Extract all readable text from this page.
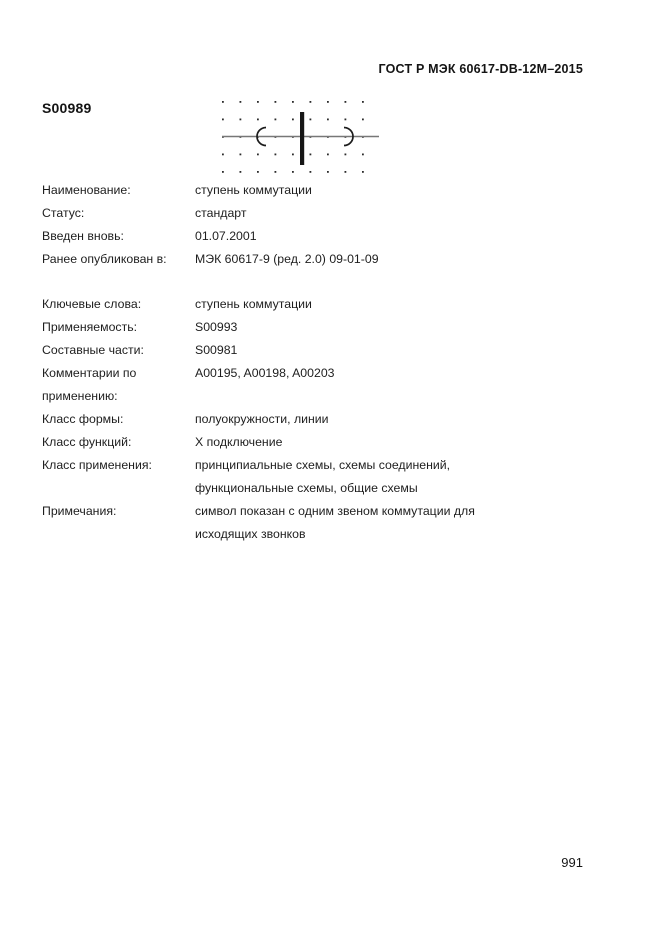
ГОСТ Р МЭК 60617-DB-12M–2015
S00989
Наименование:	ступень коммутации
Статус:	стандарт
Введен вновь:	01.07.2001
Ранее опубликован в: МЭК 60617-9 (ред. 2.0) 09-01-09
Ключевые слова:	ступень коммутации
Применяемость:	S00993
Составные части:	S00981
Комментарии по	A00195, A00198, A00203
применению:
Класс формы:	полуокружности, линии
Класс функций:	X подключение
Класс применения:	принципиальные схемы, схемы соединений,
функциональные схемы, общие схемы
Примечания:	символ показан с одним звеном коммутации для
исходящих звонков
991
